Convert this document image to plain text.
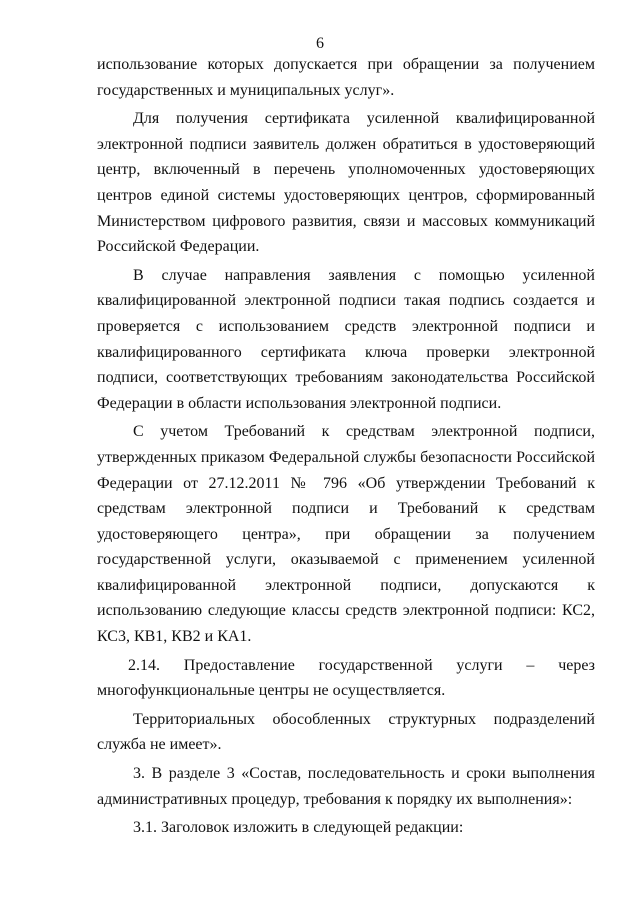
6

использование которых допускается при обращении за получением государственных и муниципальных услуг».

Для получения сертификата усиленной квалифицированной электронной подписи заявитель должен обратиться в удостоверяющий центр, включенный в перечень уполномоченных удостоверяющих центров единой системы удостоверяющих центров, сформированный Министерством цифрового развития, связи и массовых коммуникаций Российской Федерации.

В случае направления заявления с помощью усиленной квалифицированной электронной подписи такая подпись создается и проверяется с использованием средств электронной подписи и квалифицированного сертификата ключа проверки электронной подписи, соответствующих требованиям законодательства Российской Федерации в области использования электронной подписи.

С учетом Требований к средствам электронной подписи, утвержденных приказом Федеральной службы безопасности Российской Федерации от 27.12.2011 № 796 «Об утверждении Требований к средствам электронной подписи и Требований к средствам удостоверяющего центра», при обращении за получением государственной услуги, оказываемой с применением усиленной квалифицированной электронной подписи, допускаются к использованию следующие классы средств электронной подписи: КС2, КС3, КВ1, КВ2 и КА1.

2.14. Предоставление государственной услуги – через

многофункциональные центры не осуществляется.

Территориальных обособленных структурных подразделений служба не имеет».

3. В разделе 3 «Состав, последовательность и сроки выполнения административных процедур, требования к порядку их выполнения»:

3.1. Заголовок изложить в следующей редакции:
